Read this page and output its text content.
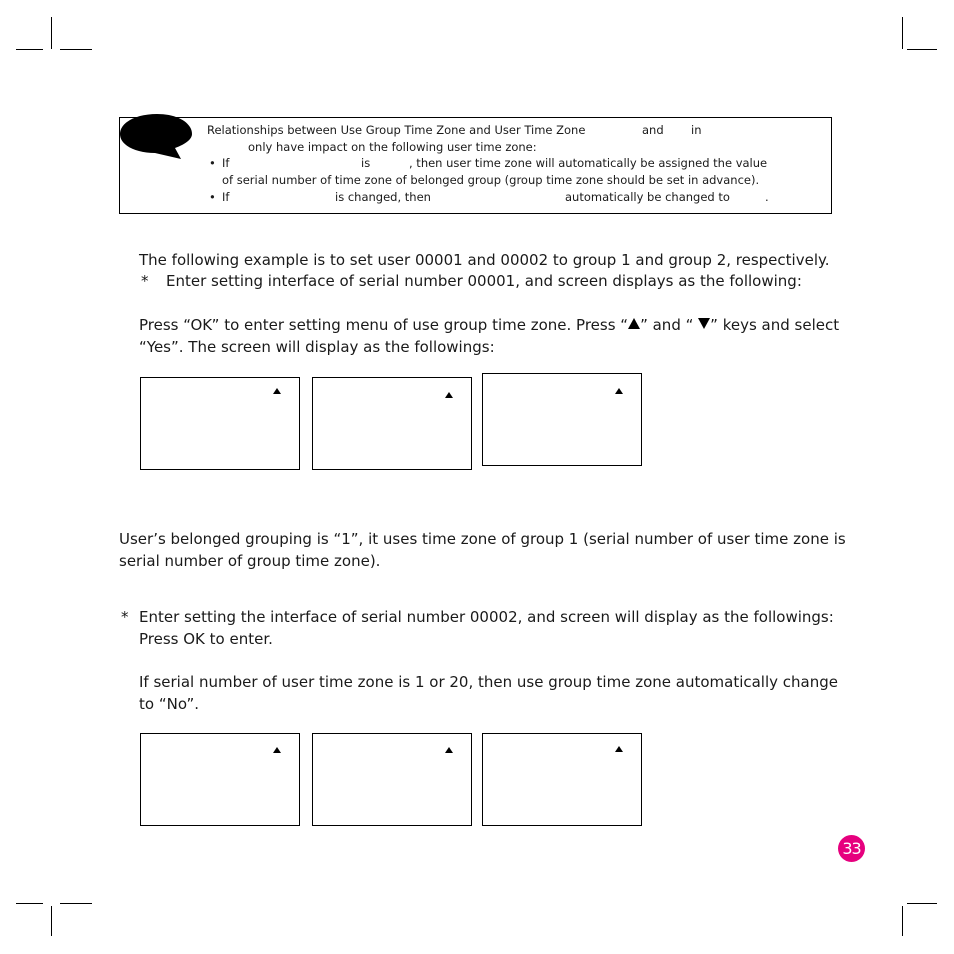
Relationships between Use Group Time Zone and User Time Zone	and in
only have impact on the following user time zone:
• If	is	, then user time zone will automatically be assigned the value
of serial number of time zone of belonged group (group time zone should be set in advance).
• If	is changed, then	automatically be changed to	.
The following example is to set user 00001 and 00002 to group 1 and group 2, respectively.
* Enter setting interface of serial number 00001, and screen displays as the following:
Press “OK” to enter setting menu of use group time zone. Press “ ” and “ ” keys and select
“Yes”. The screen will display as the followings:
User’s belonged grouping is “1”, it uses time zone of group 1 (serial number of user time zone is
serial number of group time zone).
* Enter setting the interface of serial number 00002, and screen will display as the followings:
Press OK to enter.
If serial number of user time zone is 1 or 20, then use group time zone automatically change
to “No”.
33
